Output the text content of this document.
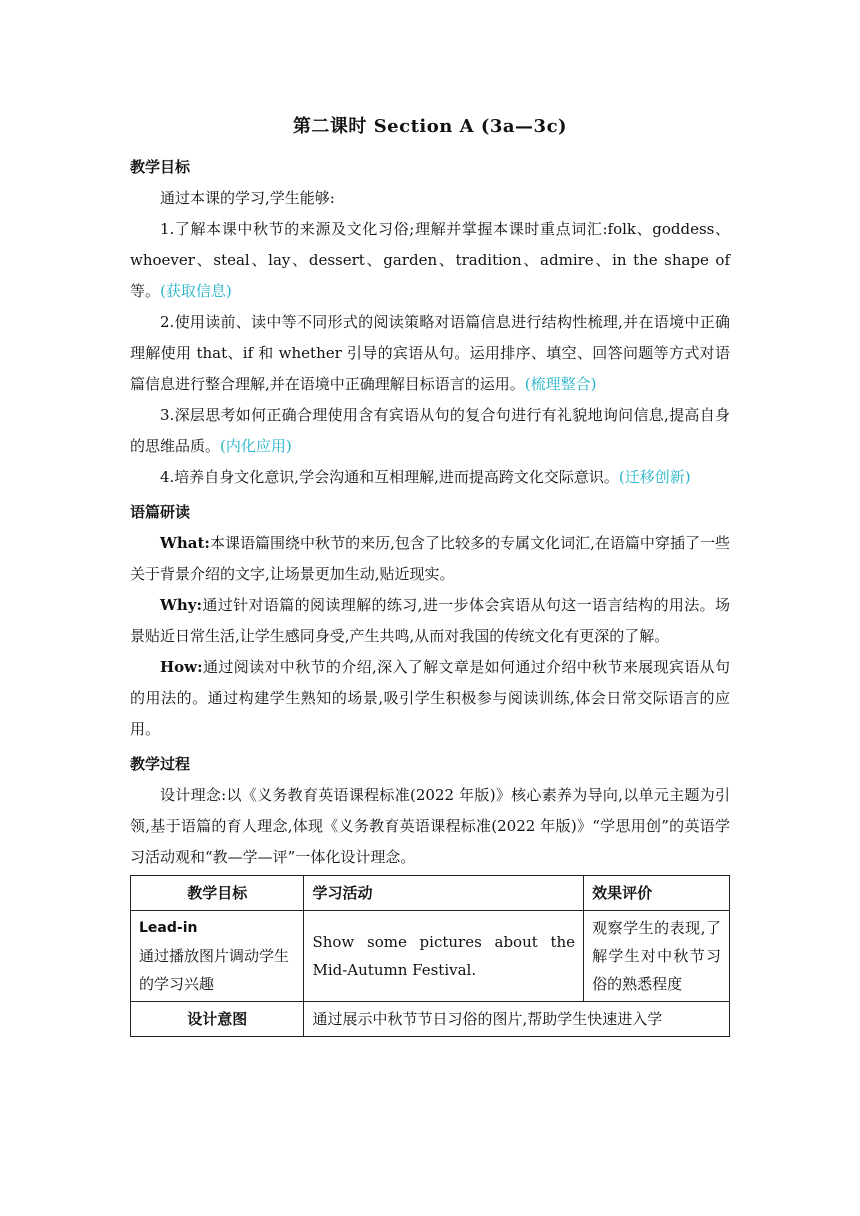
第二课时 Section A (3a—3c)
教学目标

通过本课的学习,学生能够:

1.了解本课中秋节的来源及文化习俗;理解并掌握本课时重点词汇:folk、goddess、whoever、steal、lay、dessert、garden、tradition、admire、in the shape of等。(获取信息)

2.使用读前、读中等不同形式的阅读策略对语篇信息进行结构性梳理,并在语境中正确理解使用 that、if 和 whether 引导的宾语从句。运用排序、填空、回答问题等方式对语篇信息进行整合理解,并在语境中正确理解目标语言的运用。(梳理整合)

3.深层思考如何正确合理使用含有宾语从句的复合句进行有礼貌地询问信息,提高自身的思维品质。(内化应用)

4.培养自身文化意识,学会沟通和互相理解,进而提高跨文化交际意识。(迁移创新)

语篇研读

What:本课语篇围绕中秋节的来历,包含了比较多的专属文化词汇,在语篇中穿插了一些关于背景介绍的文字,让场景更加生动,贴近现实。

Why:通过针对语篇的阅读理解的练习,进一步体会宾语从句这一语言结构的用法。场景贴近日常生活,让学生感同身受,产生共鸣,从而对我国的传统文化有更深的了解。

How:通过阅读对中秋节的介绍,深入了解文章是如何通过介绍中秋节来展现宾语从句的用法的。通过构建学生熟知的场景,吸引学生积极参与阅读训练,体会日常交际语言的应用。

教学过程

设计理念:以《义务教育英语课程标准(2022 年版)》核心素养为导向,以单元主题为引领,基于语篇的育人理念,体现《义务教育英语课程标准(2022 年版)》“学思用创”的英语学习活动观和“教—学—评”一体化设计理念。

教学目标	学习活动	效果评价

Lead-in
通过播放图片调动学生的学习兴趣	Show some pictures about the Mid-Autumn Festival.	观察学生的表现,了解学生对中秋节习俗的熟悉程度
设计意图	通过展示中秋节节日习俗的图片,帮助学生快速进入学	
